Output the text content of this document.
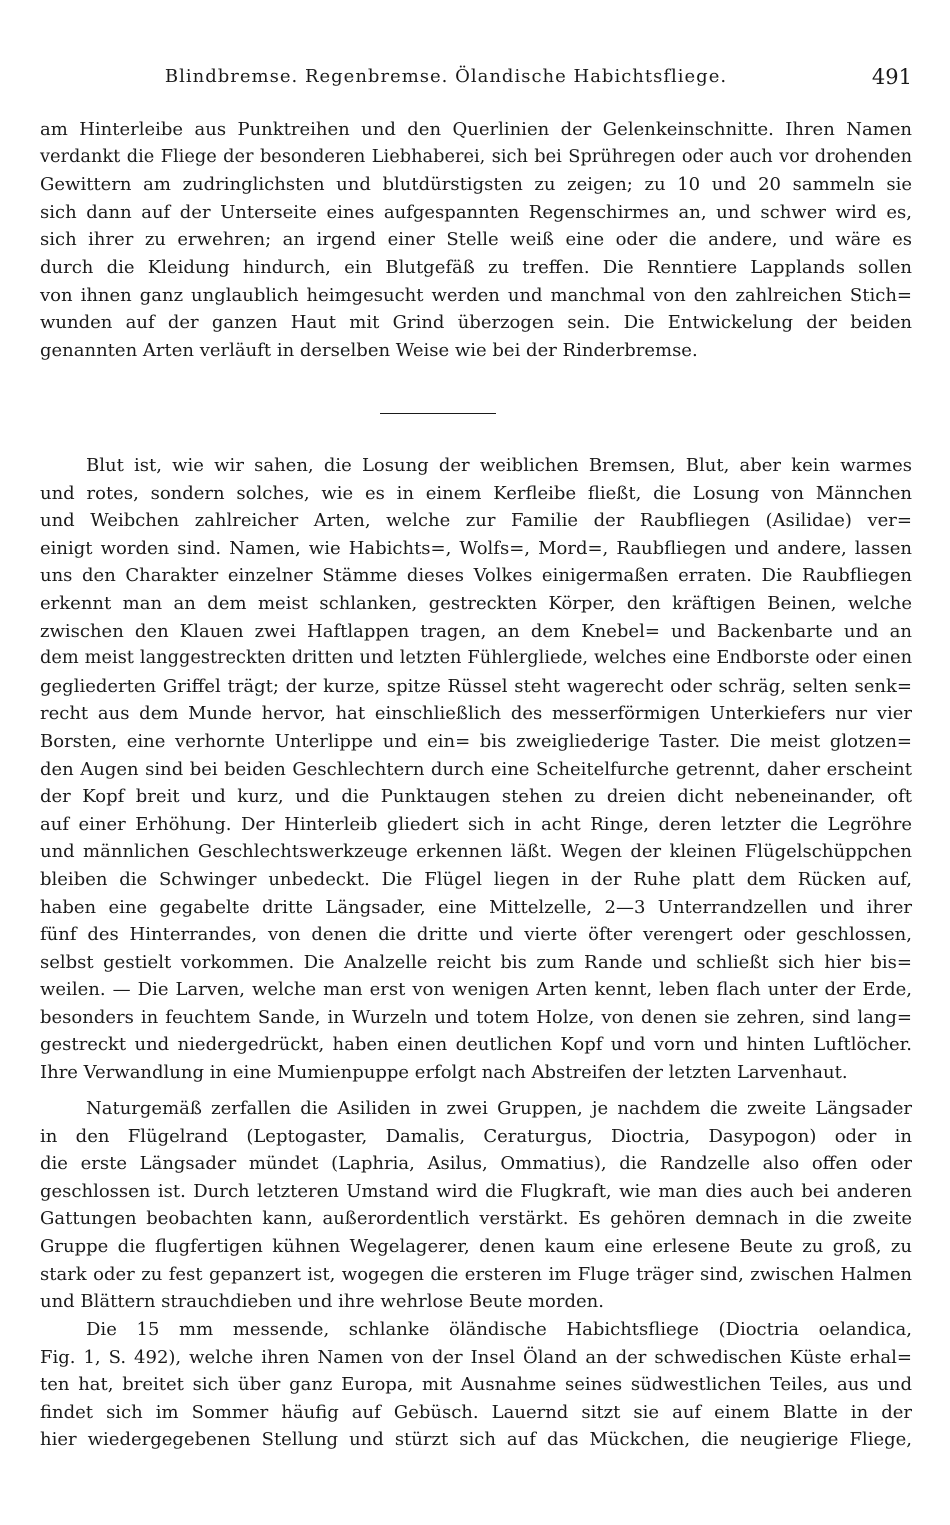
Blindbremse. Regenbremse. Ölandische Habichtsfliege.	491
am Hinterleibe aus Punktreihen und den Querlinien der Gelenkeinschnitte. Ihren Namen
verdankt die Fliege der besonderen Liebhaberei, sich bei Sprühregen oder auch vor drohenden
Gewittern am zudringlichsten und blutdürstigsten zu zeigen; zu 10 und 20 sammeln sie
sich dann auf der Unterseite eines aufgespannten Regenschirmes an, und schwer wird es,
sich ihrer zu erwehren; an irgend einer Stelle weiß eine oder die andere, und wäre es
durch die Kleidung hindurch, ein Blutgefäß zu treffen. Die Renntiere Lapplands sollen
von ihnen ganz unglaublich heimgesucht werden und manchmal von den zahlreichen Stich=
wunden auf der ganzen Haut mit Grind überzogen sein. Die Entwickelung der beiden
genannten Arten verläuft in derselben Weise wie bei der Rinderbremse.
Blut ist, wie wir sahen, die Losung der weiblichen Bremsen, Blut, aber kein warmes
und rotes, sondern solches, wie es in einem Kerfleibe fließt, die Losung von Männchen
und Weibchen zahlreicher Arten, welche zur Familie der Raubfliegen (Asilidae) ver=
einigt worden sind. Namen, wie Habichts=, Wolfs=, Mord=, Raubfliegen und andere, lassen
uns den Charakter einzelner Stämme dieses Volkes einigermaßen erraten. Die Raubfliegen
erkennt man an dem meist schlanken, gestreckten Körper, den kräftigen Beinen, welche
zwischen den Klauen zwei Haftlappen tragen, an dem Knebel= und Backenbarte und an
dem meist langgestreckten dritten und letzten Fühlergliede, welches eine Endborste oder einen
gegliederten Griffel trägt; der kurze, spitze Rüssel steht wagerecht oder schräg, selten senk=
recht aus dem Munde hervor, hat einschließlich des messerförmigen Unterkiefers nur vier
Borsten, eine verhornte Unterlippe und ein= bis zweigliederige Taster. Die meist glotzen=
den Augen sind bei beiden Geschlechtern durch eine Scheitelfurche getrennt, daher erscheint
der Kopf breit und kurz, und die Punktaugen stehen zu dreien dicht nebeneinander, oft
auf einer Erhöhung. Der Hinterleib gliedert sich in acht Ringe, deren letzter die Legröhre
und männlichen Geschlechtswerkzeuge erkennen läßt. Wegen der kleinen Flügelschüppchen
bleiben die Schwinger unbedeckt. Die Flügel liegen in der Ruhe platt dem Rücken auf,
haben eine gegabelte dritte Längsader, eine Mittelzelle, 2—3 Unterrandzellen und ihrer
fünf des Hinterrandes, von denen die dritte und vierte öfter verengert oder geschlossen,
selbst gestielt vorkommen. Die Analzelle reicht bis zum Rande und schließt sich hier bis=
weilen. — Die Larven, welche man erst von wenigen Arten kennt, leben flach unter der Erde,
besonders in feuchtem Sande, in Wurzeln und totem Holze, von denen sie zehren, sind lang=
gestreckt und niedergedrückt, haben einen deutlichen Kopf und vorn und hinten Luftlöcher.
Ihre Verwandlung in eine Mumienpuppe erfolgt nach Abstreifen der letzten Larvenhaut.
Naturgemäß zerfallen die Asiliden in zwei Gruppen, je nachdem die zweite Längsader
in den Flügelrand (Leptogaster, Damalis, Ceraturgus, Dioctria, Dasypogon) oder in
die erste Längsader mündet (Laphria, Asilus, Ommatius), die Randzelle also offen oder
geschlossen ist. Durch letzteren Umstand wird die Flugkraft, wie man dies auch bei anderen
Gattungen beobachten kann, außerordentlich verstärkt. Es gehören demnach in die zweite
Gruppe die flugfertigen kühnen Wegelagerer, denen kaum eine erlesene Beute zu groß, zu
stark oder zu fest gepanzert ist, wogegen die ersteren im Fluge träger sind, zwischen Halmen
und Blättern strauchdieben und ihre wehrlose Beute morden.
Die 15 mm messende, schlanke öländische Habichtsfliege (Dioctria oelandica,
Fig. 1, S. 492), welche ihren Namen von der Insel Öland an der schwedischen Küste erhal=
ten hat, breitet sich über ganz Europa, mit Ausnahme seines südwestlichen Teiles, aus und
findet sich im Sommer häufig auf Gebüsch. Lauernd sitzt sie auf einem Blatte in der
hier wiedergegebenen Stellung und stürzt sich auf das Mückchen, die neugierige Fliege,
